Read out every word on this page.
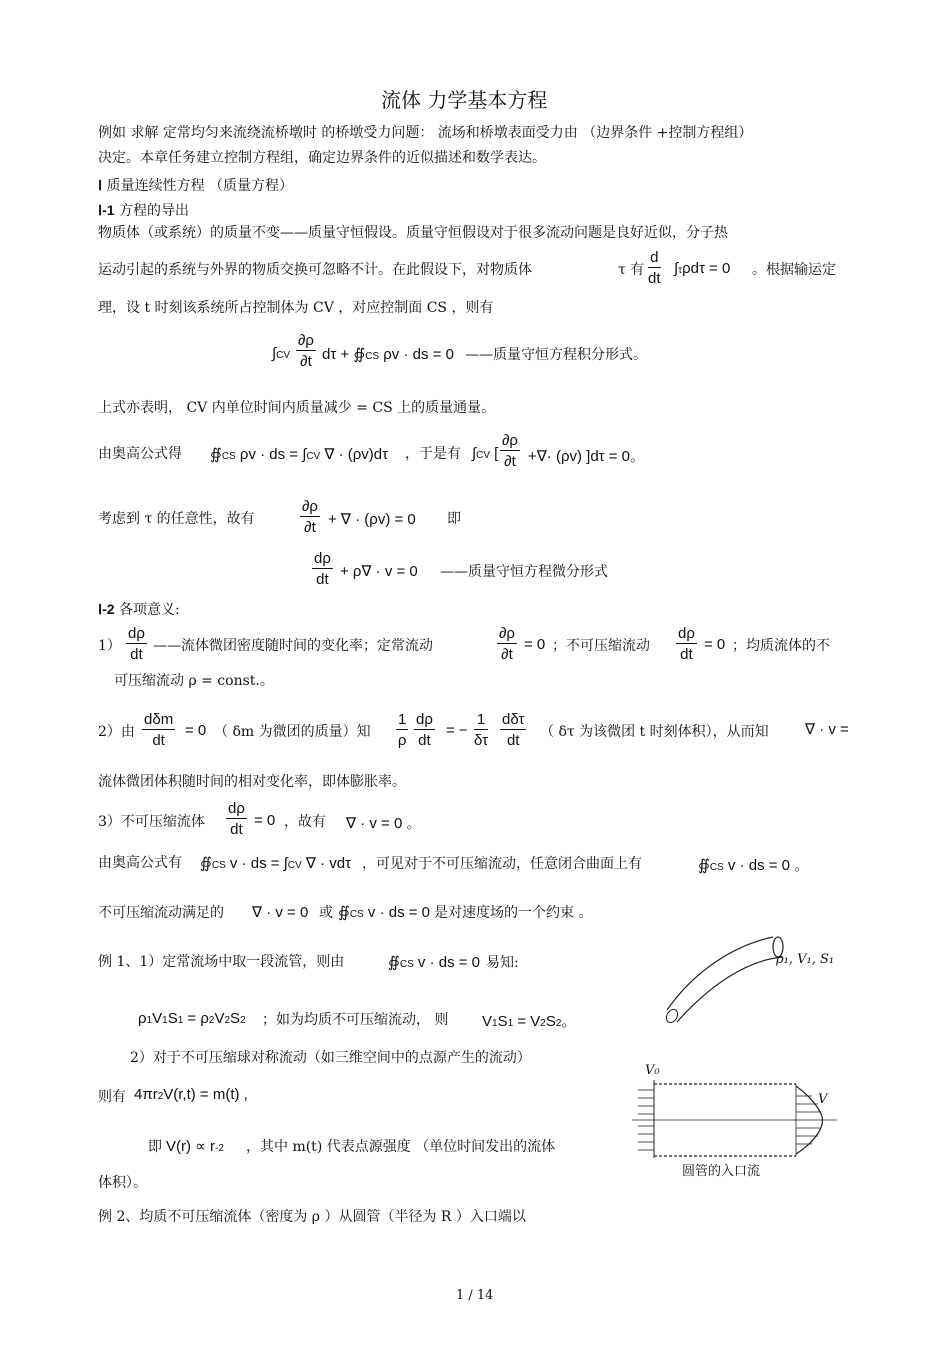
流体 力学基本方程
例如 求解 定常均匀来流绕流桥墩时 的桥墩受力问题： 流场和桥墩表面受力由 （边界条件 +控制方程组）
决定。本章任务建立控制方程组，确定边界条件的近似描述和数学表达。
Ⅰ 质量连续性方程 （质量方程）
Ⅰ-1 方程的导出
物质体（或系统）的质量不变——质量守恒假设。质量守恒假设对于很多流动问题是良好近似，分子热
运动引起的系统与外界的物质交换可忽略不计。在此假设下，对物质体	τ 有 $\frac{d}{dt} \int\tau\rho d\tau = 0$ 。根据输运定
理，设 t 时刻该系统所占控制体为 CV ，对应控制面 CS ，则有
$\int CV \frac{\partial\rho}{\partial t}$ dτ + ∯CS ρv · ds = 0 ——质量守恒方程积分形式。
上式亦表明， CV 内单位时间内质量减少 = CS 上的质量通量。
由奥高公式得 ∯CS ρv · ds = ∫CV ∇ · (ρv)dτ ，于是有 ∫CV [ $\frac{\partial\rho}{\partial t}$ +∇· (ρv) ]dτ = 0。
考虑到 τ 的任意性，故有	$\frac{\partial\rho}{\partial t}$ + ∇ · (ρv) = 0 即
$\frac{d\rho}{dt} + \rho\nabla \cdot v = 0$ ——质量守恒方程微分形式
Ⅰ-2 各项意义:
$1) \frac{d\rho}{dt}$ ——流体微团密度随时间的变化率；定常流动	$\frac{\partial\rho}{\partial t} = 0$ ；不可压缩流动 $\frac{d\rho}{dt} = 0$ ；均质流体的不
可压缩流动 ρ = const.。
2）由
dδm
dt
= 0 （ δm 为微团的质量）知 $\frac{1}{\rho} \frac{d\rho}{dt}$ = − $\frac{1}{\delta\tau}$ dδτ
dt	（ δτ 为该微团 t 时刻体积），从而知 ∇ · v =
流体微团体积随时间的相对变化率，即体膨胀率。
3）不可压缩流体 $\frac{d\rho}{dt} = 0$ ，故有 ∇ · v = 0 。
由奥高公式有 ∯CS v · ds = ∫CV ∇ · vdτ ，可见对于不可压缩流动，任意闭合曲面上有	∯CS v · ds = 0 。
不可压缩流动满足的 ∇ · v = 0 或 ∯CS v · ds = 0 是对速度场的一个约束 。
例 1、1）定常流场中取一段流管，则由	∯CS v · ds = 0 易知:
ρ1V1S1 = ρ2V2S2 ；如为均质不可压缩流动， 则 V1S1 = V2S2。
ρ₁, V₁, S₁
2）对于不可压缩球对称流动（如三维空间中的点源产生的流动）
则有 4πr2V(r,t) = m(t) ,
即 V(r) ∝ r-2 ，其中 m(t) 代表点源强度 （单位时间发出的流体
体积）。
V₀
V
圆管的入口流
例 2、均质不可压缩流体（密度为 ρ ）从圆管（半径为 R ）入口端以
1 / 14
